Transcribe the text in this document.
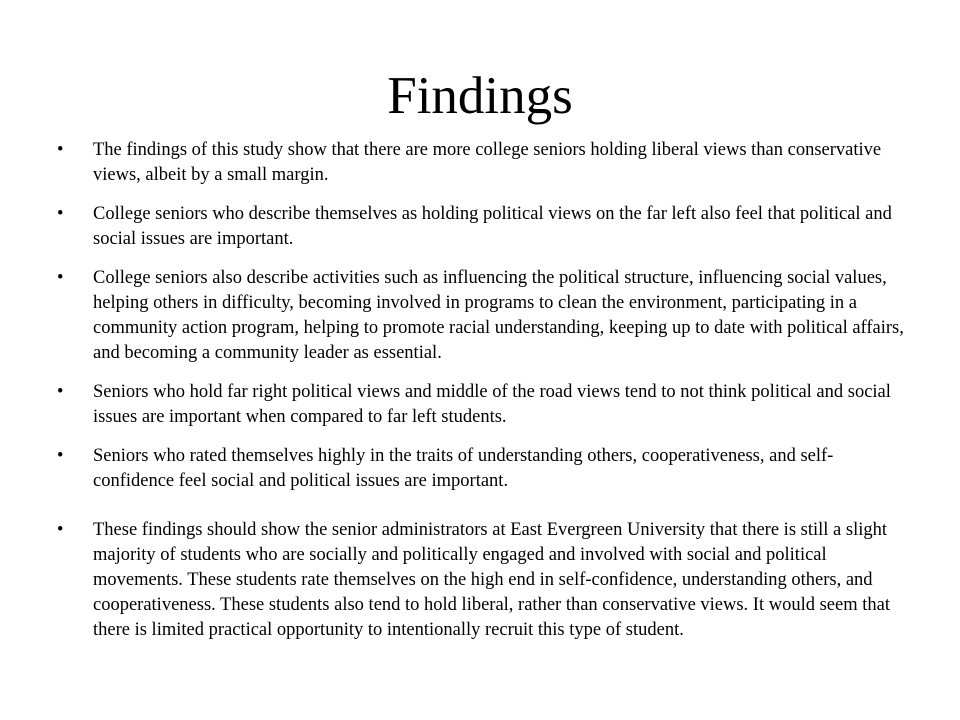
Findings
• The findings of this study show that there are more college seniors holding liberal views than conservative views, albeit by a small margin.
• College seniors who describe themselves as holding political views on the far left also feel that political and social issues are important.
• College seniors also describe activities such as influencing the political structure, influencing social values, helping others in difficulty, becoming involved in programs to clean the environment, participating in a community action program, helping to promote racial understanding, keeping up to date with political affairs, and becoming a community leader as essential.
• Seniors who hold far right political views and middle of the road views tend to not think political and social issues are important when compared to far left students.
• Seniors who rated themselves highly in the traits of understanding others, cooperativeness, and self-confidence feel social and political issues are important.
• These findings should show the senior administrators at East Evergreen University that there is still a slight majority of students who are socially and politically engaged and involved with social and political movements. These students rate themselves on the high end in self-confidence, understanding others, and cooperativeness. These students also tend to hold liberal, rather than conservative views. It would seem that there is limited practical opportunity to intentionally recruit this type of student.
